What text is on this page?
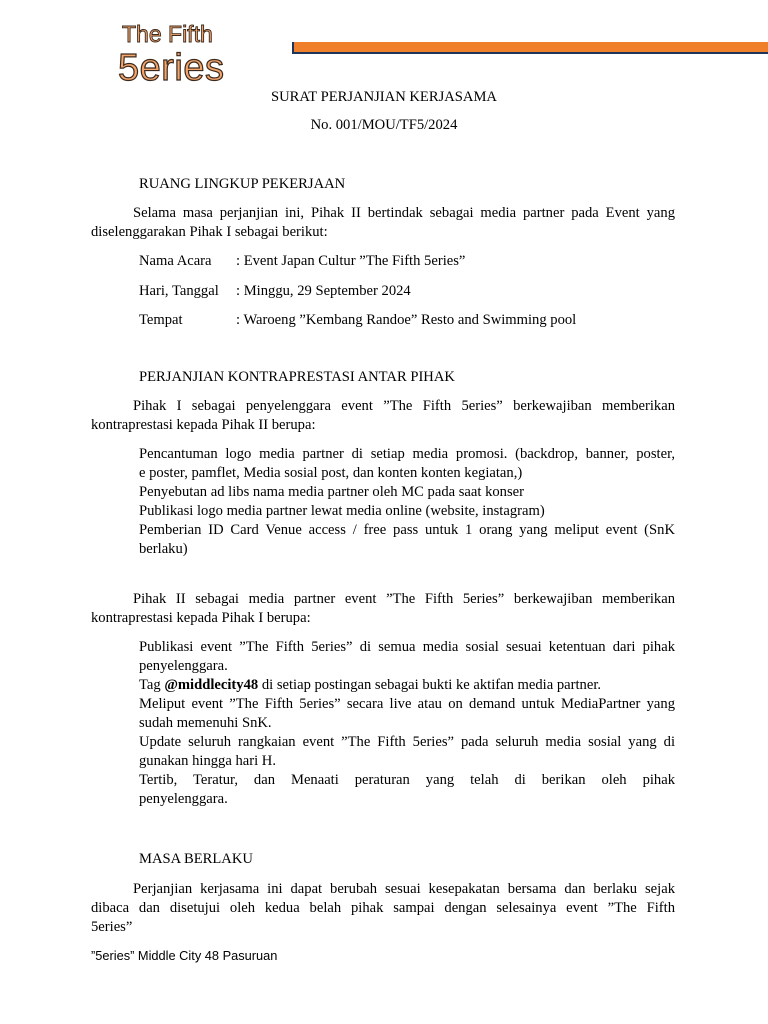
The Fifth
5eries
SURAT PERJANJIAN KERJASAMA
No. 001/MOU/TF5/2024
RUANG LINGKUP PEKERJAAN
Selama masa perjanjian ini, Pihak II bertindak sebagai media partner pada Event yang
diselenggarakan Pihak I sebagai berikut:
Nama Acara : Event Japan Cultur ”The Fifth 5eries”
Hari, Tanggal : Minggu, 29 September 2024
Tempat	: Waroeng ”Kembang Randoe” Resto and Swimming pool
PERJANJIAN KONTRAPRESTASI ANTAR PIHAK
Pihak I sebagai penyelenggara event ”The Fifth 5eries” berkewajiban memberikan
kontraprestasi kepada Pihak II berupa:
Pencantuman logo media partner di setiap media promosi. (backdrop, banner, poster,
e poster, pamflet, Media sosial post, dan konten konten kegiatan,)
Penyebutan ad libs nama media partner oleh MC pada saat konser
Publikasi logo media partner lewat media online (website, instagram)
Pemberian ID Card Venue access / free pass untuk 1 orang yang meliput event (SnK
berlaku)
Pihak II sebagai media partner event ”The Fifth 5eries” berkewajiban memberikan
kontraprestasi kepada Pihak I berupa:
Publikasi event ”The Fifth 5eries” di semua media sosial sesuai ketentuan dari pihak
penyelenggara.
Tag @middlecity48 di setiap postingan sebagai bukti ke aktifan media partner.
Meliput event ”The Fifth 5eries” secara live atau on demand untuk MediaPartner yang
sudah memenuhi SnK.
Update seluruh rangkaian event ”The Fifth 5eries” pada seluruh media sosial yang di
gunakan hingga hari H.
Tertib, Teratur, dan Menaati peraturan yang telah di berikan oleh pihak
penyelenggara.
MASA BERLAKU
Perjanjian kerjasama ini dapat berubah sesuai kesepakatan bersama dan berlaku sejak
dibaca dan disetujui oleh kedua belah pihak sampai dengan selesainya event ”The Fifth
5eries”
”5eries” Middle City 48 Pasuruan
